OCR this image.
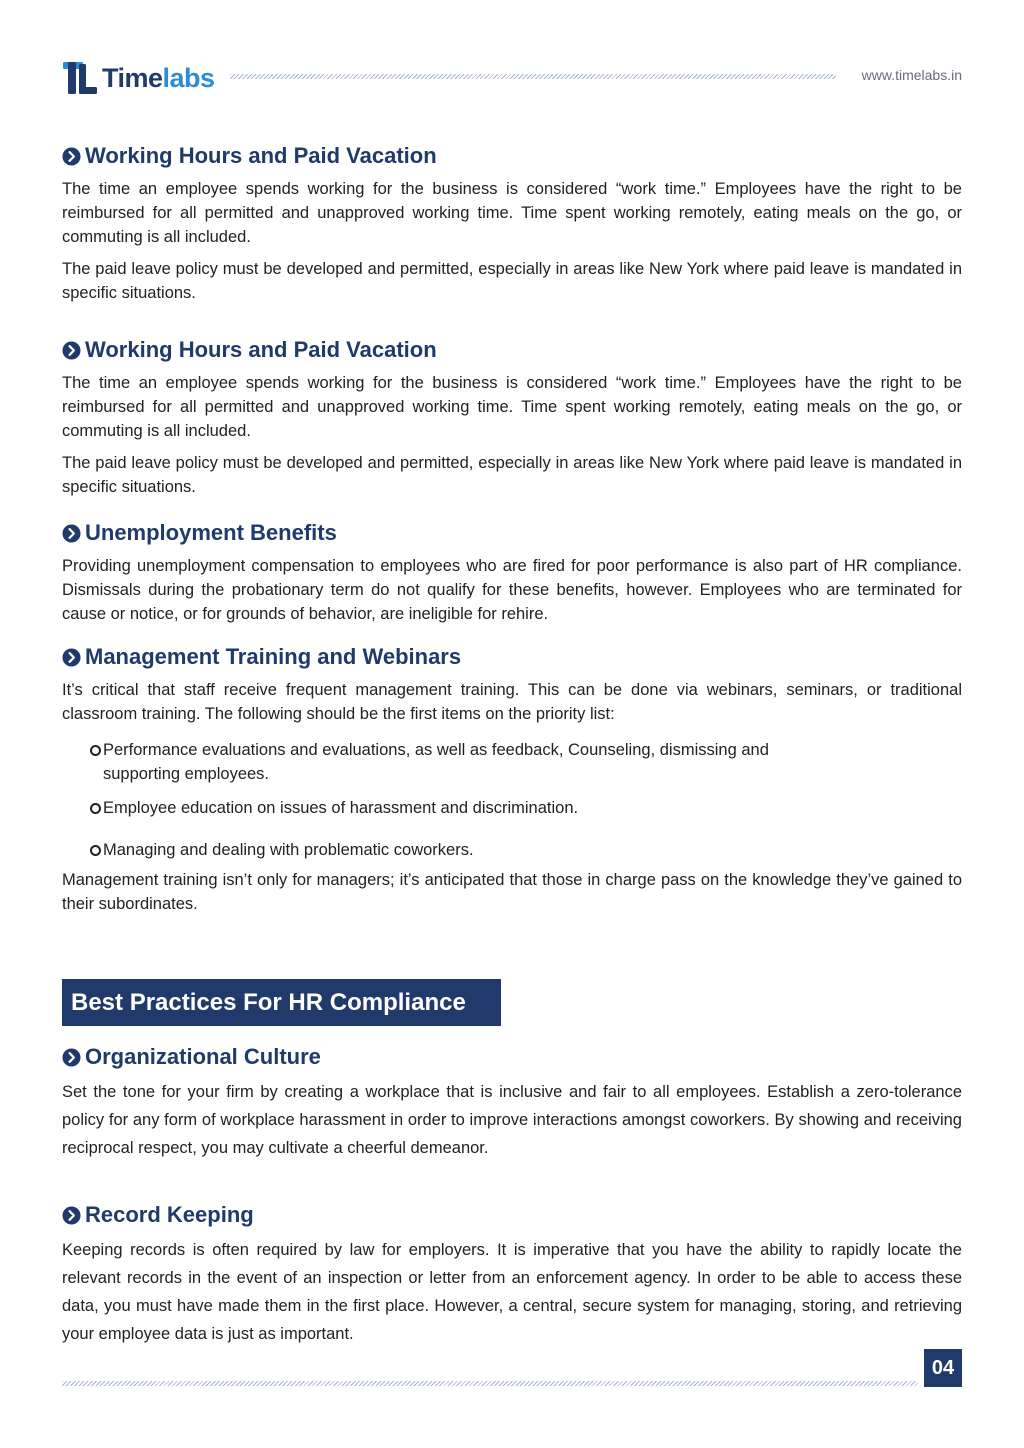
Timelabs	www.timelabs.in
Working Hours and Paid Vacation

The time an employee spends working for the business is considered “work time.” Employees have the right to be reimbursed for all permitted and unapproved working time. Time spent working remotely, eating meals on the go, or commuting is all included.

The paid leave policy must be developed and permitted, especially in areas like New York where paid leave is mandated in specific situations.

Working Hours and Paid Vacation

The time an employee spends working for the business is considered “work time.” Employees have the right to be reimbursed for all permitted and unapproved working time. Time spent working remotely, eating meals on the go, or commuting is all included.

The paid leave policy must be developed and permitted, especially in areas like New York where paid leave is mandated in specific situations.

Unemployment Benefits

Providing unemployment compensation to employees who are fired for poor performance is also part of HR compliance. Dismissals during the probationary term do not qualify for these benefits, however. Employees who are terminated for cause or notice, or for grounds of behavior, are ineligible for rehire.

Management Training and Webinars

It’s critical that staff receive frequent management training. This can be done via webinars, seminars, or traditional classroom training. The following should be the first items on the priority list:

Performance evaluations and evaluations, as well as feedback, Counseling, dismissing and supporting employees.
Employee education on issues of harassment and discrimination.
Managing and dealing with problematic coworkers.

Management training isn’t only for managers; it’s anticipated that those in charge pass on the knowledge they’ve gained to their subordinates.

Best Practices For HR Compliance
Organizational Culture

Set the tone for your firm by creating a workplace that is inclusive and fair to all employees. Establish a zero-tolerance policy for any form of workplace harassment in order to improve interactions amongst coworkers. By showing and receiving reciprocal respect, you may cultivate a cheerful demeanor.

Record Keeping

Keeping records is often required by law for employers. It is imperative that you have the ability to rapidly locate the relevant records in the event of an inspection or letter from an enforcement agency. In order to be able to access these data, you must have made them in the first place. However, a central, secure system for managing, storing, and retrieving your employee data is just as important.

04
